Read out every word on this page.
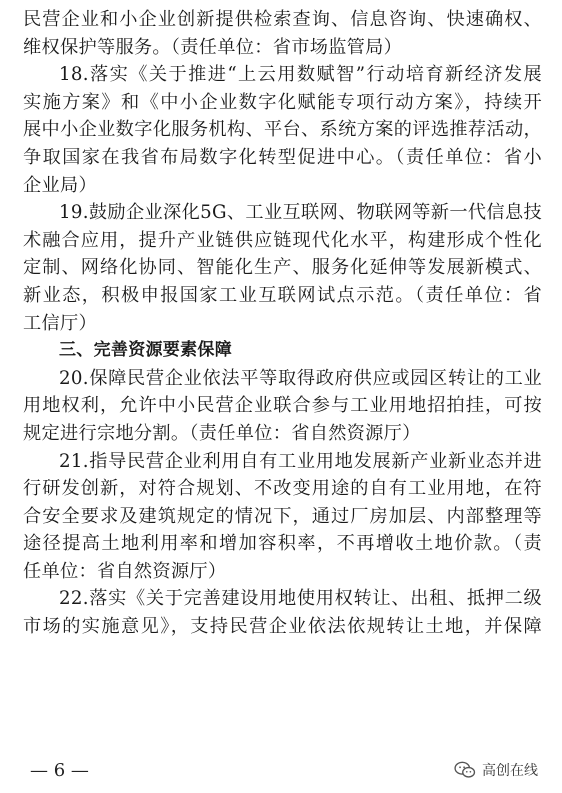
民营企业和小企业创新提供检索查询、信息咨询、快速确权、
维权保护等服务。（责任单位：省市场监管局）
18.落实《关于推进“上云用数赋智”行动培育新经济发展
实施方案》和《中小企业数字化赋能专项行动方案》，持续开
展中小企业数字化服务机构、平台、系统方案的评选推荐活动，
争取国家在我省布局数字化转型促进中心。（责任单位：省小
企业局）
19.鼓励企业深化5G、工业互联网、物联网等新一代信息技
术融合应用，提升产业链供应链现代化水平，构建形成个性化
定制、网络化协同、智能化生产、服务化延伸等发展新模式、
新业态，积极申报国家工业互联网试点示范。（责任单位：省
工信厅）
三、完善资源要素保障
20.保障民营企业依法平等取得政府供应或园区转让的工业
用地权利，允许中小民营企业联合参与工业用地招拍挂，可按
规定进行宗地分割。（责任单位：省自然资源厅）
21.指导民营企业利用自有工业用地发展新产业新业态并进
行研发创新，对符合规划、不改变用途的自有工业用地，在符
合安全要求及建筑规定的情况下，通过厂房加层、内部整理等
途径提高土地利用率和增加容积率，不再增收土地价款。（责
任单位：省自然资源厅）
22.落实《关于完善建设用地使用权转让、出租、抵押二级
市场的实施意见》，支持民营企业依法依规转让土地，并保障
— 6 —	高创在线
